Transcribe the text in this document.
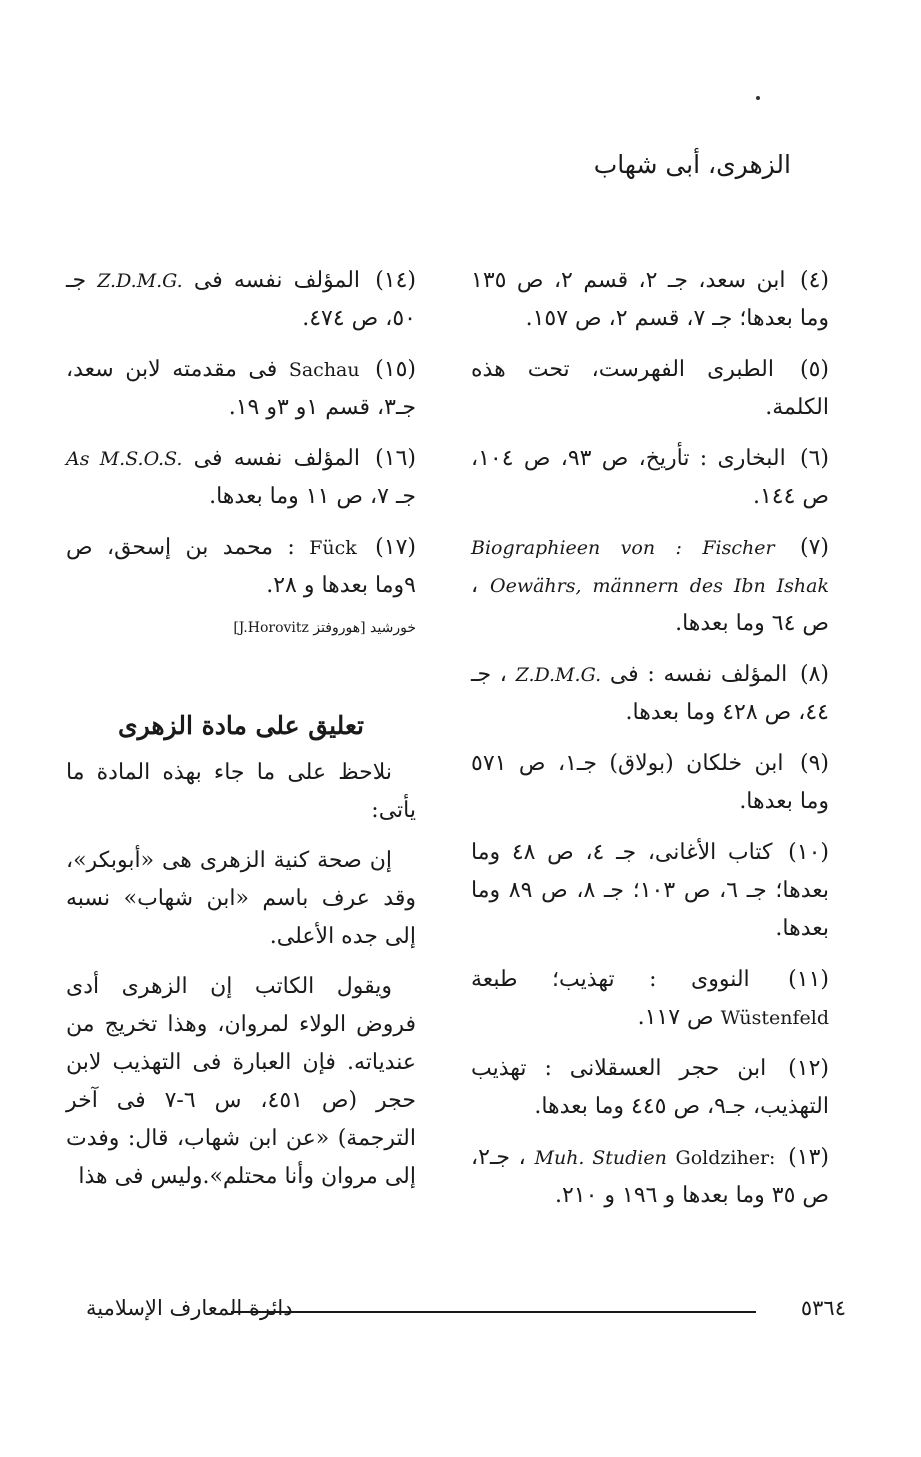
الزهرى، أبى شهاب

(٤) ابن سعد، جـ ٢، قسم ٢، ص ١٣٥ وما بعدها؛ جـ ٧، قسم ٢، ص ١٥٧.

(٥) الطبرى الفهرست، تحت هذه الكلمة.

(٦) البخارى : تأريخ، ص ٩٣، ص ١٠٤، ص ١٤٤.

(٧) Biographieen von : Fischer Oewährs, männern des Ibn Ishak ، ص ٦٤ وما بعدها.

(٨) المؤلف نفسه : فى Z.D.M.G. ، جـ ٤٤، ص ٤٢٨ وما بعدها.

(٩) ابن خلكان (بولاق) جـ١، ص ٥٧١ وما بعدها.

(١٠) كتاب الأغانى، جـ ٤، ص ٤٨ وما بعدها؛ جـ ٦، ص ١٠٣؛ جـ ٨، ص ٨٩ وما بعدها.

(١١) النووى : تهذيب؛ طبعة Wüstenfeld ص ١١٧.

(١٢) ابن حجر العسقلانى : تهذيب التهذيب، جـ٩، ص ٤٤٥ وما بعدها.

(١٣) Goldziher: Muh. Studien ، جـ٢، ص ٣٥ وما بعدها و ١٩٦ و ٢١٠.

(١٤) المؤلف نفسه فى Z.D.M.G. جـ ٥٠، ص ٤٧٤.

(١٥) Sachau فى مقدمته لابن سعد، جـ٣، قسم ١و ٣و ١٩.

(١٦) المؤلف نفسه فى As M.S.O.S. جـ ٧، ص ١١ وما بعدها.

(١٧) Fück : محمد بن إسحق، ص ٩وما بعدها و ٢٨.

خورشيد [هوروفتز J.Horovitz]

تعليق على مادة الزهرى

نلاحظ على ما جاء بهذه المادة ما يأتى:

إن صحة كنية الزهرى هى «أبوبكر»، وقد عرف باسم «ابن شهاب» نسبه إلى جده الأعلى.

ويقول الكاتب إن الزهرى أدى فروض الولاء لمروان، وهذا تخريج من عندياته. فإن العبارة فى التهذيب لابن حجر (ص ٤٥١، س ٦-٧ فى آخر الترجمة) «عن ابن شهاب، قال: وفدت إلى مروان وأنا محتلم».وليس فى هذا

٥٣٦٤
دائرة المعارف الإسلامية
